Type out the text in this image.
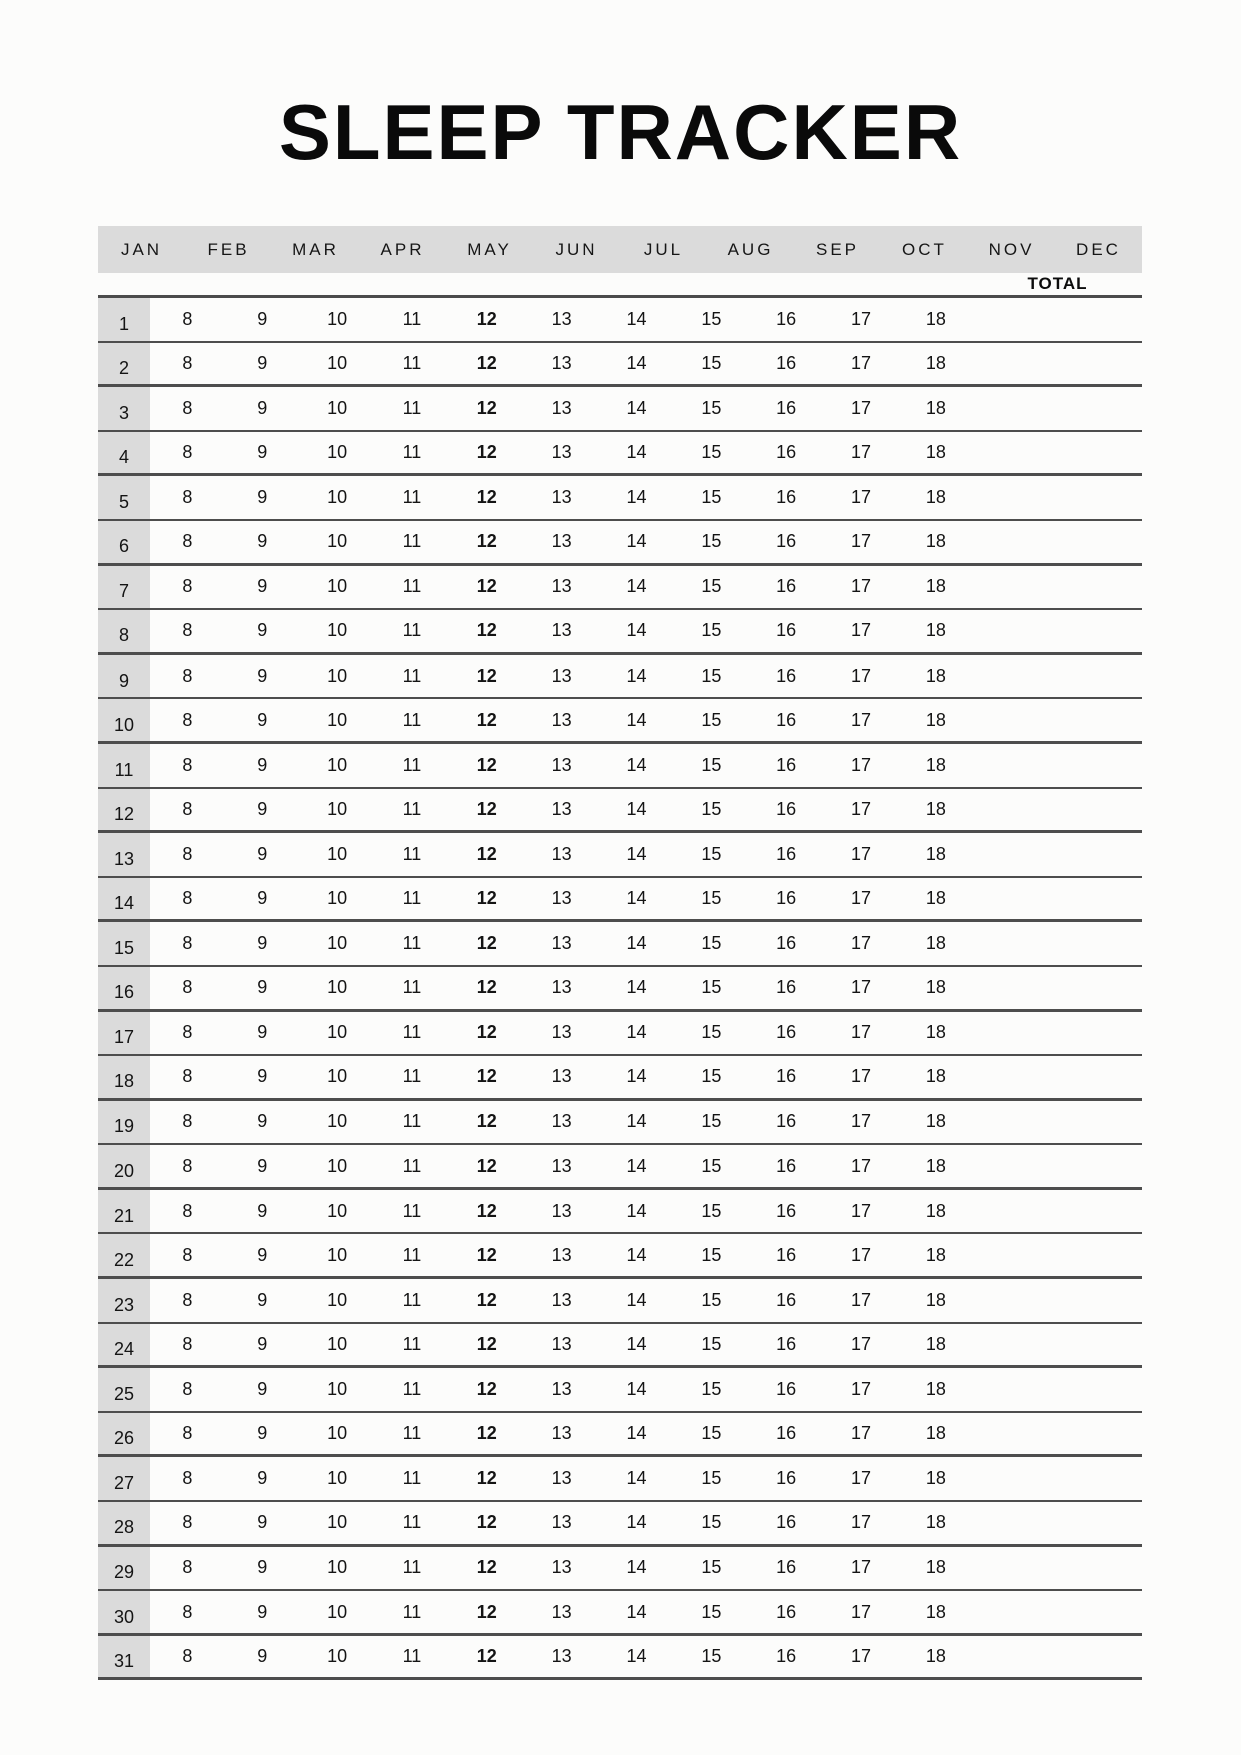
SLEEP TRACKER
JAN	FEB	MAR	APR	MAY	JUN	JUL	AUG	SEP	OCT	NOV	DEC
TOTAL
1	8	9	10	11	12	13	14	15	16	17	18
2	8	9	10	11	12	13	14	15	16	17	18
3	8	9	10	11	12	13	14	15	16	17	18
4	8	9	10	11	12	13	14	15	16	17	18
5	8	9	10	11	12	13	14	15	16	17	18
6	8	9	10	11	12	13	14	15	16	17	18
7	8	9	10	11	12	13	14	15	16	17	18
8	8	9	10	11	12	13	14	15	16	17	18
9	8	9	10	11	12	13	14	15	16	17	18
10	8	9	10	11	12	13	14	15	16	17	18
11	8	9	10	11	12	13	14	15	16	17	18
12	8	9	10	11	12	13	14	15	16	17	18
13	8	9	10	11	12	13	14	15	16	17	18
14	8	9	10	11	12	13	14	15	16	17	18
15	8	9	10	11	12	13	14	15	16	17	18
16	8	9	10	11	12	13	14	15	16	17	18
17	8	9	10	11	12	13	14	15	16	17	18
18	8	9	10	11	12	13	14	15	16	17	18
19	8	9	10	11	12	13	14	15	16	17	18
20	8	9	10	11	12	13	14	15	16	17	18
21	8	9	10	11	12	13	14	15	16	17	18
22	8	9	10	11	12	13	14	15	16	17	18
23	8	9	10	11	12	13	14	15	16	17	18
24	8	9	10	11	12	13	14	15	16	17	18
25	8	9	10	11	12	13	14	15	16	17	18
26	8	9	10	11	12	13	14	15	16	17	18
27	8	9	10	11	12	13	14	15	16	17	18
28	8	9	10	11	12	13	14	15	16	17	18
29	8	9	10	11	12	13	14	15	16	17	18
30	8	9	10	11	12	13	14	15	16	17	18
31	8	9	10	11	12	13	14	15	16	17	18
